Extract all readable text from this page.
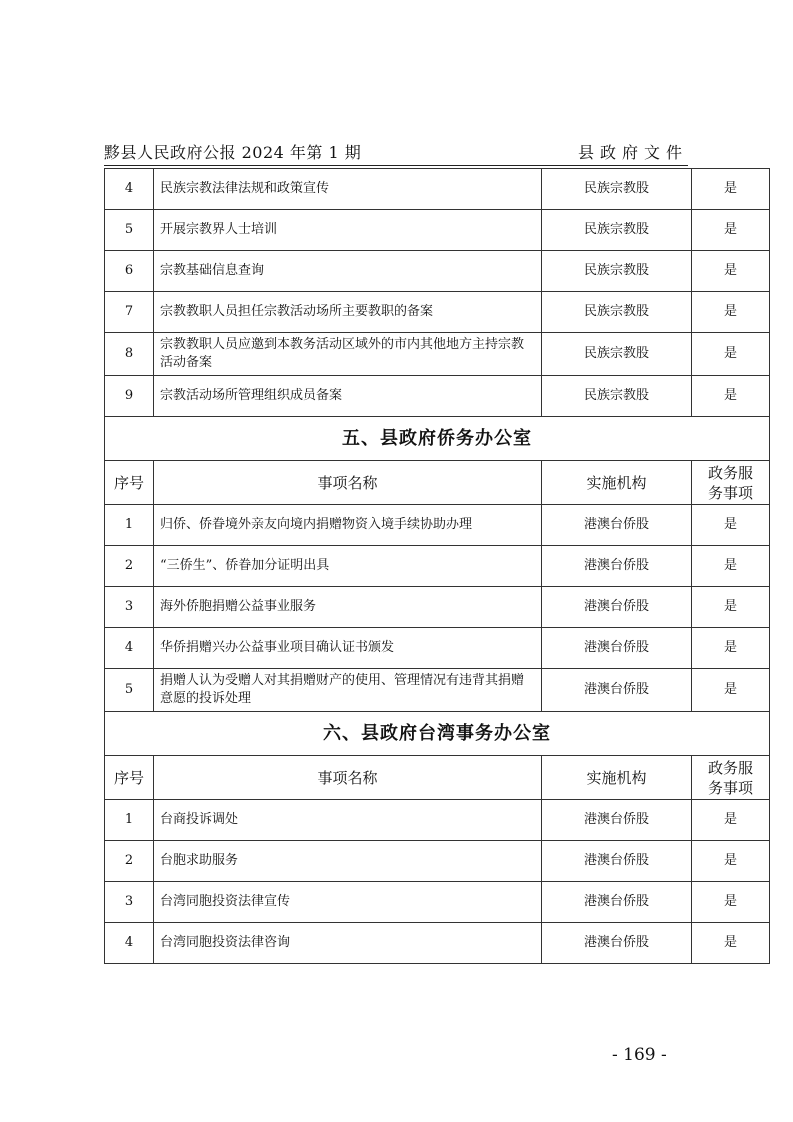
黟县人民政府公报 2024 年第 1 期	县政府文件
4	民族宗教法律法规和政策宣传	民族宗教股	是
5	开展宗教界人士培训	民族宗教股	是
6	宗教基础信息查询	民族宗教股	是
7	宗教教职人员担任宗教活动场所主要教职的备案	民族宗教股	是
8	宗教教职人员应邀到本教务活动区域外的市内其他地方主持宗教活动备案	民族宗教股	是
9	宗教活动场所管理组织成员备案	民族宗教股	是
五、县政府侨务办公室			
序号	事项名称	实施机构	政务服务事项
1	归侨、侨眷境外亲友向境内捐赠物资入境手续协助办理	港澳台侨股	是
2	“三侨生”、侨眷加分证明出具	港澳台侨股	是
3	海外侨胞捐赠公益事业服务	港澳台侨股	是
4	华侨捐赠兴办公益事业项目确认证书颁发	港澳台侨股	是
5	捐赠人认为受赠人对其捐赠财产的使用、管理情况有违背其捐赠意愿的投诉处理	港澳台侨股	是
六、县政府台湾事务办公室			
序号	事项名称	实施机构	政务服务事项
1	台商投诉调处	港澳台侨股	是
2	台胞求助服务	港澳台侨股	是
3	台湾同胞投资法律宣传	港澳台侨股	是
4	台湾同胞投资法律咨询	港澳台侨股	是
- 169 -
